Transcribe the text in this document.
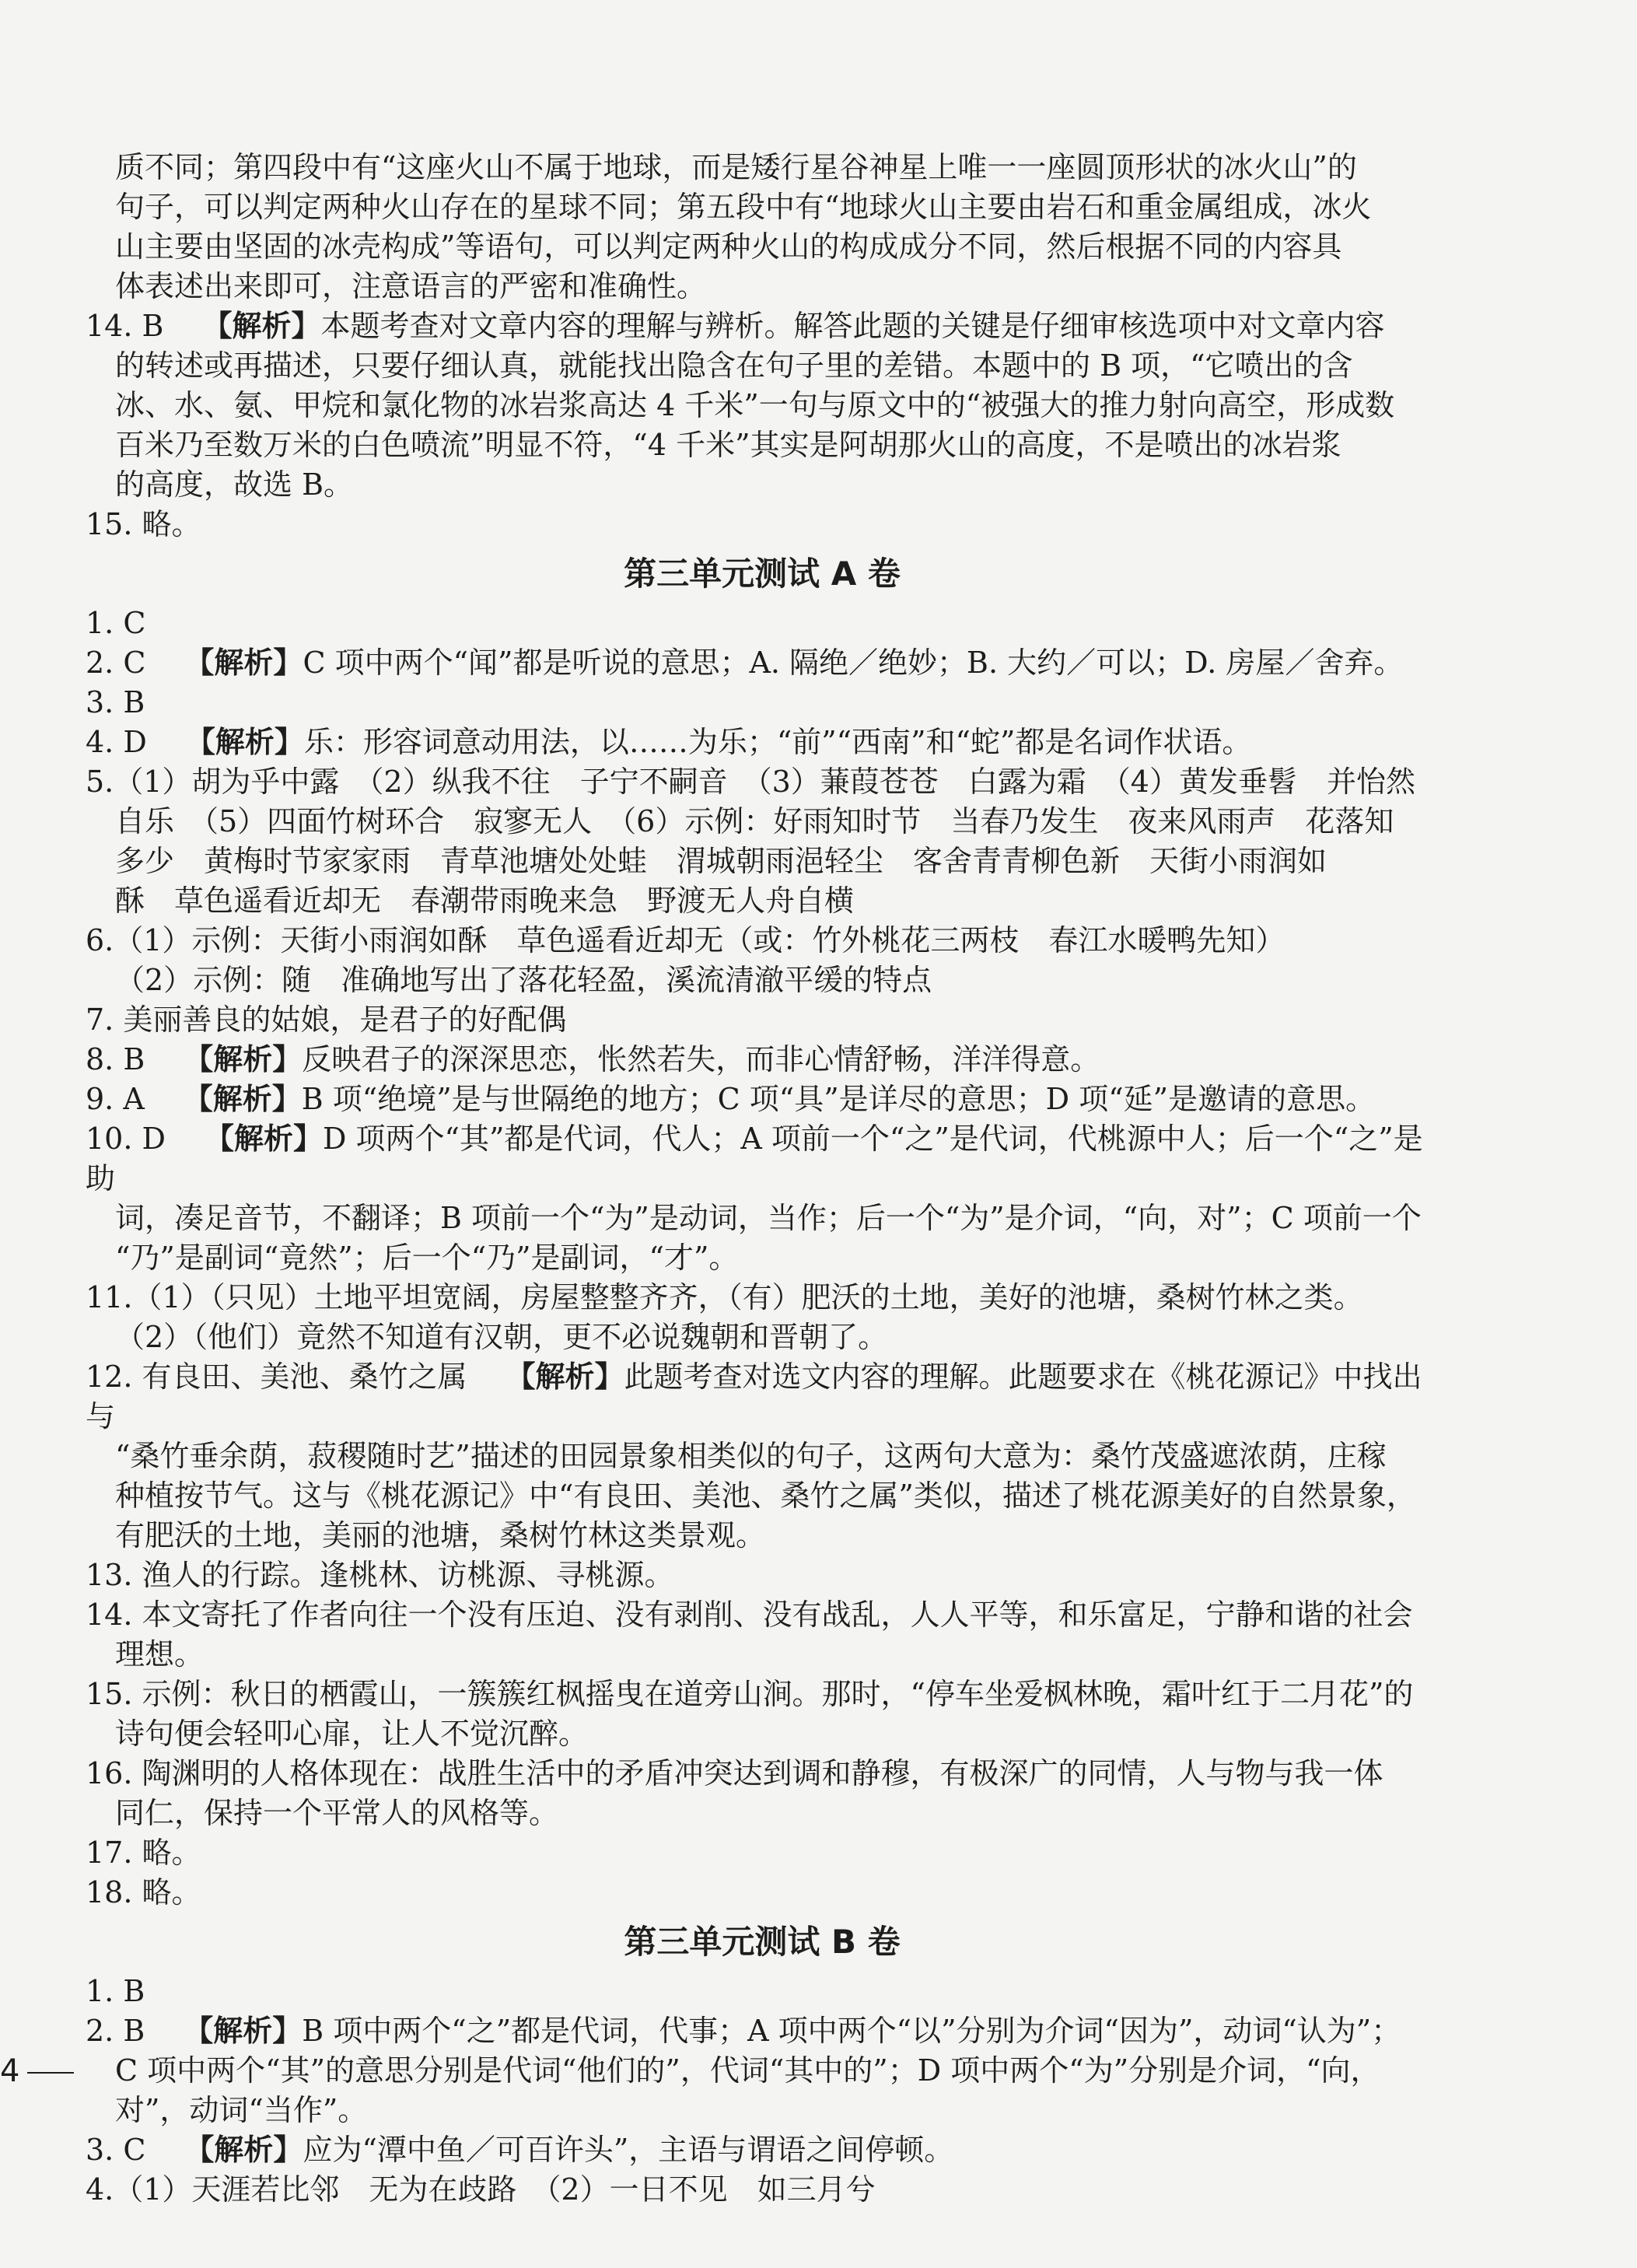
质不同；第四段中有“这座火山不属于地球，而是矮行星谷神星上唯一一座圆顶形状的冰火山”的

句子，可以判定两种火山存在的星球不同；第五段中有“地球火山主要由岩石和重金属组成，冰火

山主要由坚固的冰壳构成”等语句，可以判定两种火山的构成成分不同，然后根据不同的内容具

体表述出来即可，注意语言的严密和准确性。

14. B 【解析】本题考查对文章内容的理解与辨析。解答此题的关键是仔细审核选项中对文章内容

的转述或再描述，只要仔细认真，就能找出隐含在句子里的差错。本题中的 B 项，“它喷出的含

冰、水、氨、甲烷和氯化物的冰岩浆高达 4 千米”一句与原文中的“被强大的推力射向高空，形成数

百米乃至数万米的白色喷流”明显不符，“4 千米”其实是阿胡那火山的高度，不是喷出的冰岩浆

的高度，故选 B。

15. 略。

第三单元测试 A 卷

1. C

2. C 【解析】C 项中两个“闻”都是听说的意思；A. 隔绝／绝妙；B. 大约／可以；D. 房屋／舍弃。

3. B

4. D 【解析】乐：形容词意动用法，以……为乐；“前”“西南”和“蛇”都是名词作状语。

5.（1）胡为乎中露　（2）纵我不往　子宁不嗣音　（3）蒹葭苍苍　白露为霜　（4）黄发垂髫　并怡然

自乐　（5）四面竹树环合　寂寥无人　（6）示例：好雨知时节　当春乃发生　夜来风雨声　花落知

多少　黄梅时节家家雨　青草池塘处处蛙　渭城朝雨浥轻尘　客舍青青柳色新　天街小雨润如

酥　草色遥看近却无　春潮带雨晚来急　野渡无人舟自横

6.（1）示例：天街小雨润如酥　草色遥看近却无（或：竹外桃花三两枝　春江水暖鸭先知）

（2）示例：随　准确地写出了落花轻盈，溪流清澈平缓的特点

7. 美丽善良的姑娘，是君子的好配偶

8. B 【解析】反映君子的深深思恋，怅然若失，而非心情舒畅，洋洋得意。

9. A 【解析】B 项“绝境”是与世隔绝的地方；C 项“具”是详尽的意思；D 项“延”是邀请的意思。

10. D 【解析】D 项两个“其”都是代词，代人；A 项前一个“之”是代词，代桃源中人；后一个“之”是助

词，凑足音节，不翻译；B 项前一个“为”是动词，当作；后一个“为”是介词，“向，对”；C 项前一个

“乃”是副词“竟然”；后一个“乃”是副词，“才”。

11.（1）（只见）土地平坦宽阔，房屋整整齐齐，（有）肥沃的土地，美好的池塘，桑树竹林之类。

（2）（他们）竟然不知道有汉朝，更不必说魏朝和晋朝了。

12. 有良田、美池、桑竹之属 【解析】此题考查对选文内容的理解。此题要求在《桃花源记》中找出与

“桑竹垂余荫，菽稷随时艺”描述的田园景象相类似的句子，这两句大意为：桑竹茂盛遮浓荫，庄稼

种植按节气。这与《桃花源记》中“有良田、美池、桑竹之属”类似，描述了桃花源美好的自然景象，

有肥沃的土地，美丽的池塘，桑树竹林这类景观。

13. 渔人的行踪。逢桃林、访桃源、寻桃源。

14. 本文寄托了作者向往一个没有压迫、没有剥削、没有战乱，人人平等，和乐富足，宁静和谐的社会

理想。

15. 示例：秋日的栖霞山，一簇簇红枫摇曳在道旁山涧。那时，“停车坐爱枫林晚，霜叶红于二月花”的

诗句便会轻叩心扉，让人不觉沉醉。

16. 陶渊明的人格体现在：战胜生活中的矛盾冲突达到调和静穆，有极深广的同情，人与物与我一体

同仁，保持一个平常人的风格等。

17. 略。

18. 略。

第三单元测试 B 卷

1. B

2. B 【解析】B 项中两个“之”都是代词，代事；A 项中两个“以”分别为介词“因为”，动词“认为”；

C 项中两个“其”的意思分别是代词“他们的”，代词“其中的”；D 项中两个“为”分别是介词，“向，

对”，动词“当作”。

3. C 【解析】应为“潭中鱼／可百许头”，主语与谓语之间停顿。

4.（1）天涯若比邻　无为在歧路　（2）一日不见　如三月兮

4
